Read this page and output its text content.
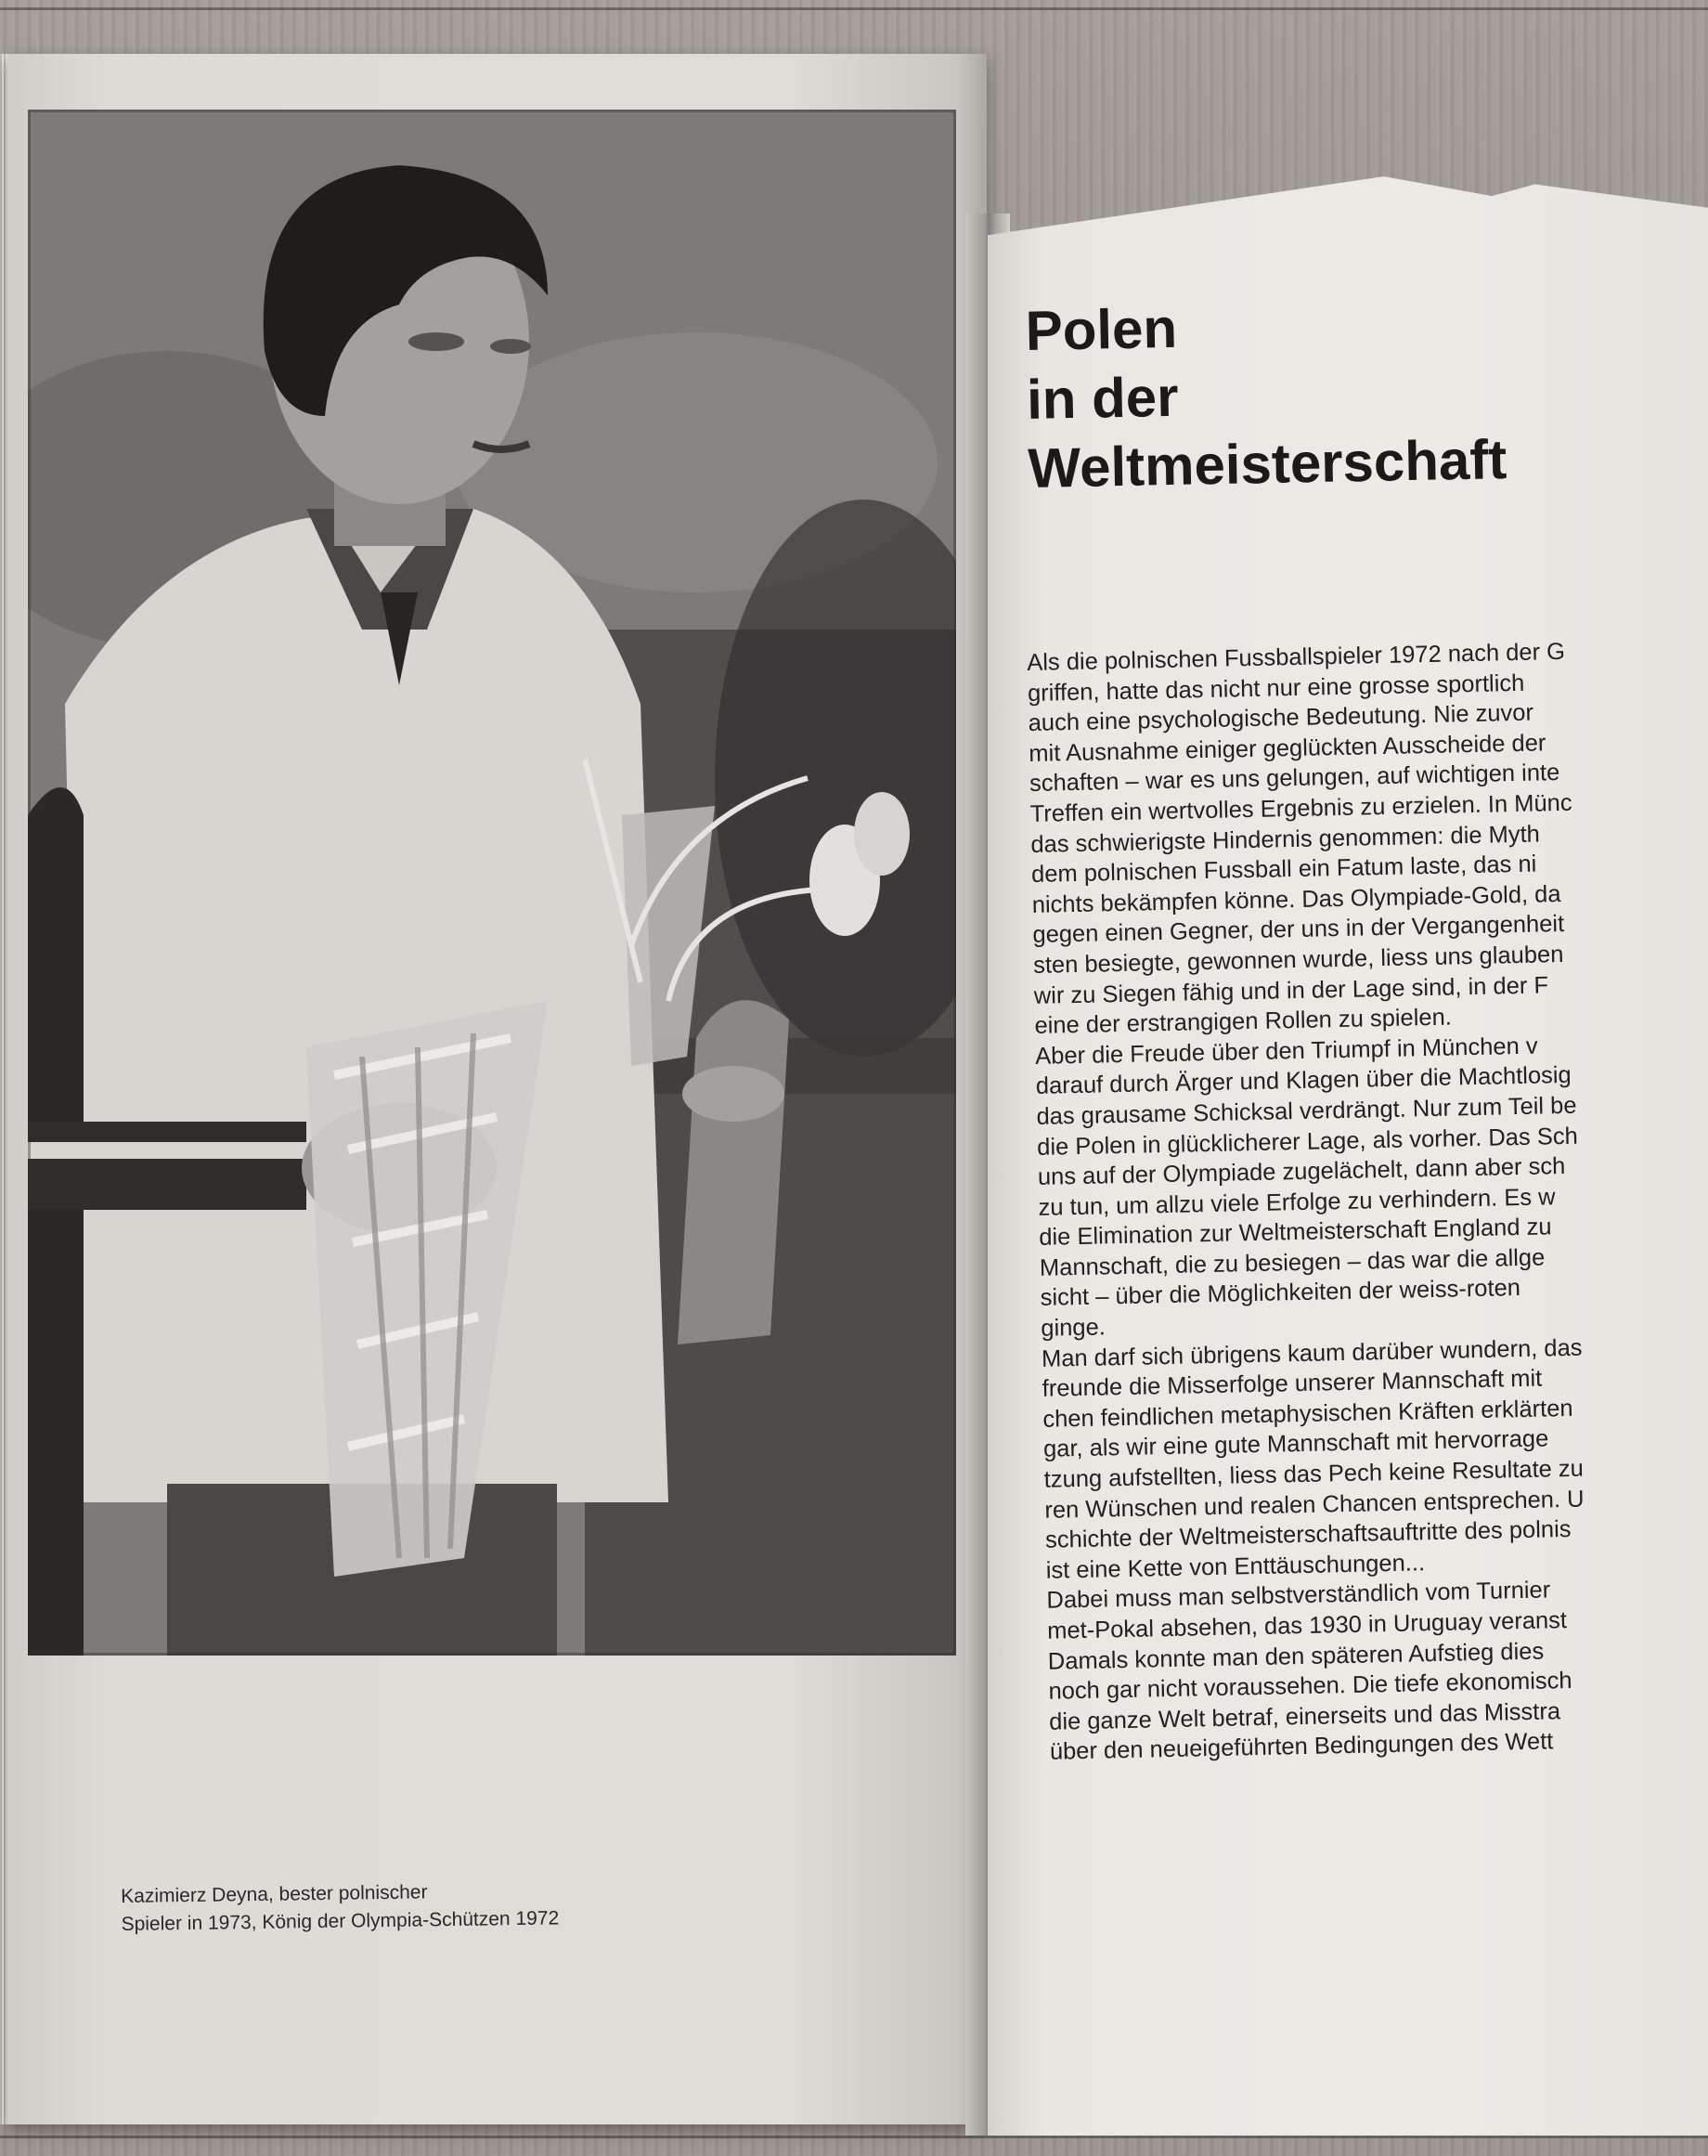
Kazimierz Deyna, bester polnischer
Spieler in 1973, König der Olympia-Schützen 1972
Polen
in der
Weltmeisterschaft
Als die polnischen Fussballspieler 1972 nach der G
griffen, hatte das nicht nur eine grosse sportlich
auch eine psychologische Bedeutung. Nie zuvor
mit Ausnahme einiger geglückten Ausscheide der
schaften – war es uns gelungen, auf wichtigen inte
Treffen ein wertvolles Ergebnis zu erzielen. In Münc
das schwierigste Hindernis genommen: die Myth
dem polnischen Fussball ein Fatum laste, das ni
nichts bekämpfen könne. Das Olympiade-Gold, da
gegen einen Gegner, der uns in der Vergangenheit
sten besiegte, gewonnen wurde, liess uns glauben
wir zu Siegen fähig und in der Lage sind, in der F
eine der erstrangigen Rollen zu spielen.
Aber die Freude über den Triumpf in München v
darauf durch Ärger und Klagen über die Machtlosig
das grausame Schicksal verdrängt. Nur zum Teil be
die Polen in glücklicherer Lage, als vorher. Das Sch
uns auf der Olympiade zugelächelt, dann aber sch
zu tun, um allzu viele Erfolge zu verhindern. Es w
die Elimination zur Weltmeisterschaft England zu
Mannschaft, die zu besiegen – das war die allge
sicht – über die Möglichkeiten der weiss-roten
ginge.
Man darf sich übrigens kaum darüber wundern, das
freunde die Misserfolge unserer Mannschaft mit
chen feindlichen metaphysischen Kräften erklärten
gar, als wir eine gute Mannschaft mit hervorrage
tzung aufstellten, liess das Pech keine Resultate zu
ren Wünschen und realen Chancen entsprechen. U
schichte der Weltmeisterschaftsauftritte des polnis
ist eine Kette von Enttäuschungen...
Dabei muss man selbstverständlich vom Turnier
met-Pokal absehen, das 1930 in Uruguay veranst
Damals konnte man den späteren Aufstieg dies
noch gar nicht voraussehen. Die tiefe ekonomisch
die ganze Welt betraf, einerseits und das Misstra
über den neueigeführten Bedingungen des Wett
